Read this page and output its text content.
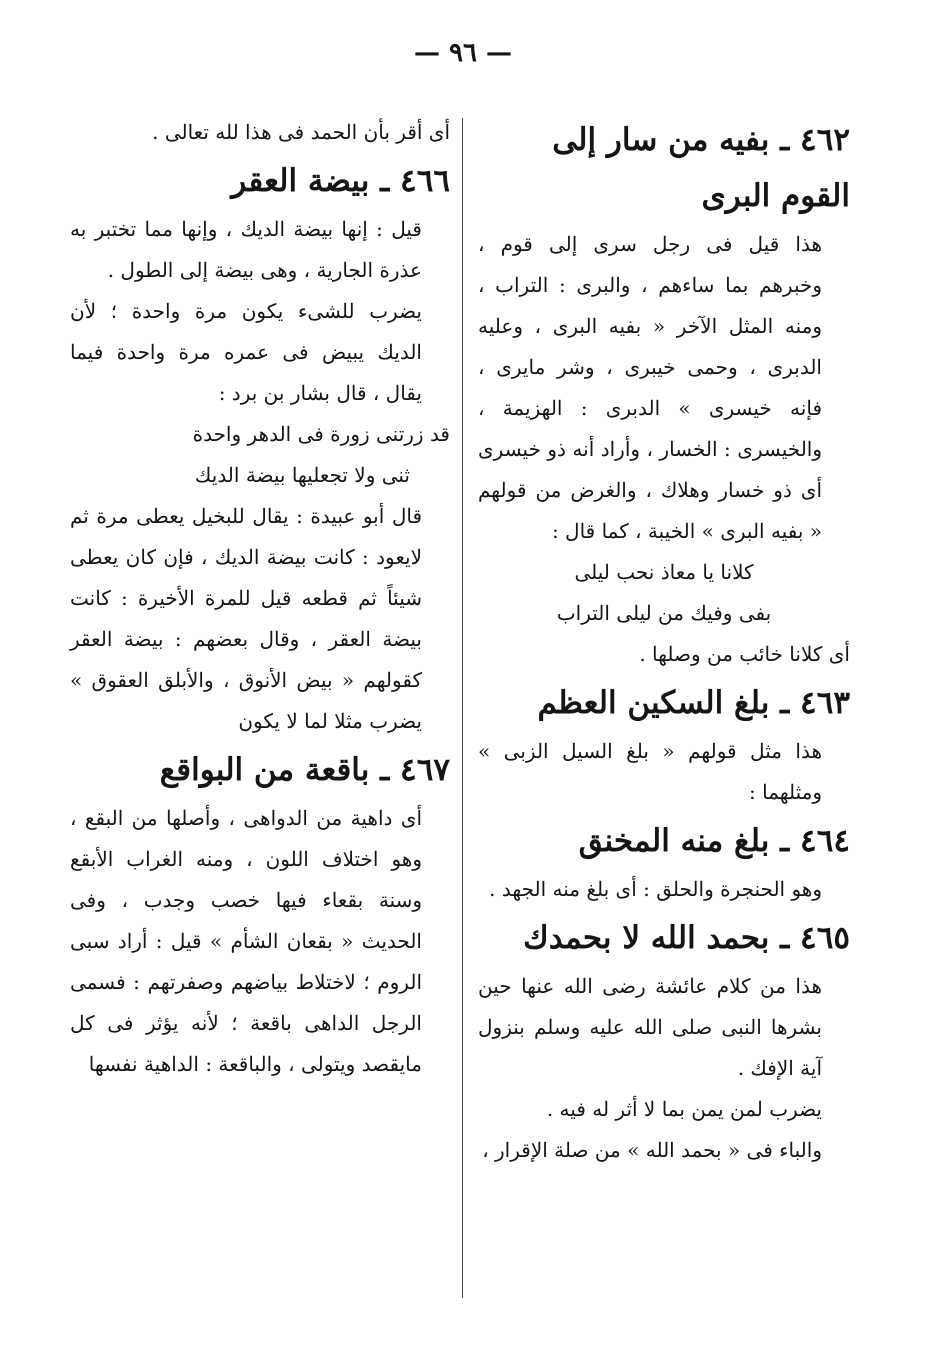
— ٩٦ —
٤٦٢ ـ بفيه من سار إلى القوم البرى

هذا قيل فى رجل سرى إلى قوم ، وخبرهم بما ساءهم ، والبرى : التراب ، ومنه المثل الآخر « بفيه البرى ، وعليه الدبرى ، وحمى خيبرى ، وشر مايرى ، فإنه خيسرى » الدبرى : الهزيمة ، والخيسرى : الخسار ، وأراد أنه ذو خيسرى أى ذو خسار وهلاك ، والغرض من قولهم « بفيه البرى » الخيبة ، كما قال :

كلانا يا معاذ نحب ليلى

بفى وفيك من ليلى التراب

أى كلانا خائب من وصلها .

٤٦٣ ـ بلغ السكين العظم

هذا مثل قولهم « بلغ السيل الزبى » ومثلهما :

٤٦٤ ـ بلغ منه المخنق

وهو الحنجرة والحلق : أى بلغ منه الجهد .

٤٦٥ ـ بحمد الله لا بحمدك

هذا من كلام عائشة رضى الله عنها حين بشرها النبى صلى الله عليه وسلم بنزول آية الإفك .

يضرب لمن يمن بما لا أثر له فيه .

والباء فى « بحمد الله » من صلة الإقرار ،

أى أقر بأن الحمد فى هذا لله تعالى .

٤٦٦ ـ بيضة العقر

قيل : إنها بيضة الديك ، وإنها مما تختبر به عذرة الجارية ، وهى بيضة إلى الطول .

يضرب للشىء يكون مرة واحدة ؛ لأن الديك يبيض فى عمره مرة واحدة فيما يقال ، قال بشار بن برد :

قد زرتنى زورة فى الدهر واحدة

ثنى ولا تجعليها بيضة الديك

قال أبو عبيدة : يقال للبخيل يعطى مرة ثم لايعود : كانت بيضة الديك ، فإن كان يعطى شيئاً ثم قطعه قيل للمرة الأخيرة : كانت بيضة العقر ، وقال بعضهم : بيضة العقر كقولهم « بيض الأنوق ، والأبلق العقوق » يضرب مثلا لما لا يكون

٤٦٧ ـ باقعة من البواقع

أى داهية من الدواهى ، وأصلها من البقع ، وهو اختلاف اللون ، ومنه الغراب الأبقع وسنة بقعاء فيها خصب وجدب ، وفى الحديث « بقعان الشأم » قيل : أراد سبى الروم ؛ لاختلاط بياضهم وصفرتهم : فسمى الرجل الداهى باقعة ؛ لأنه يؤثر فى كل مايقصد ويتولى ، والباقعة : الداهية نفسها
